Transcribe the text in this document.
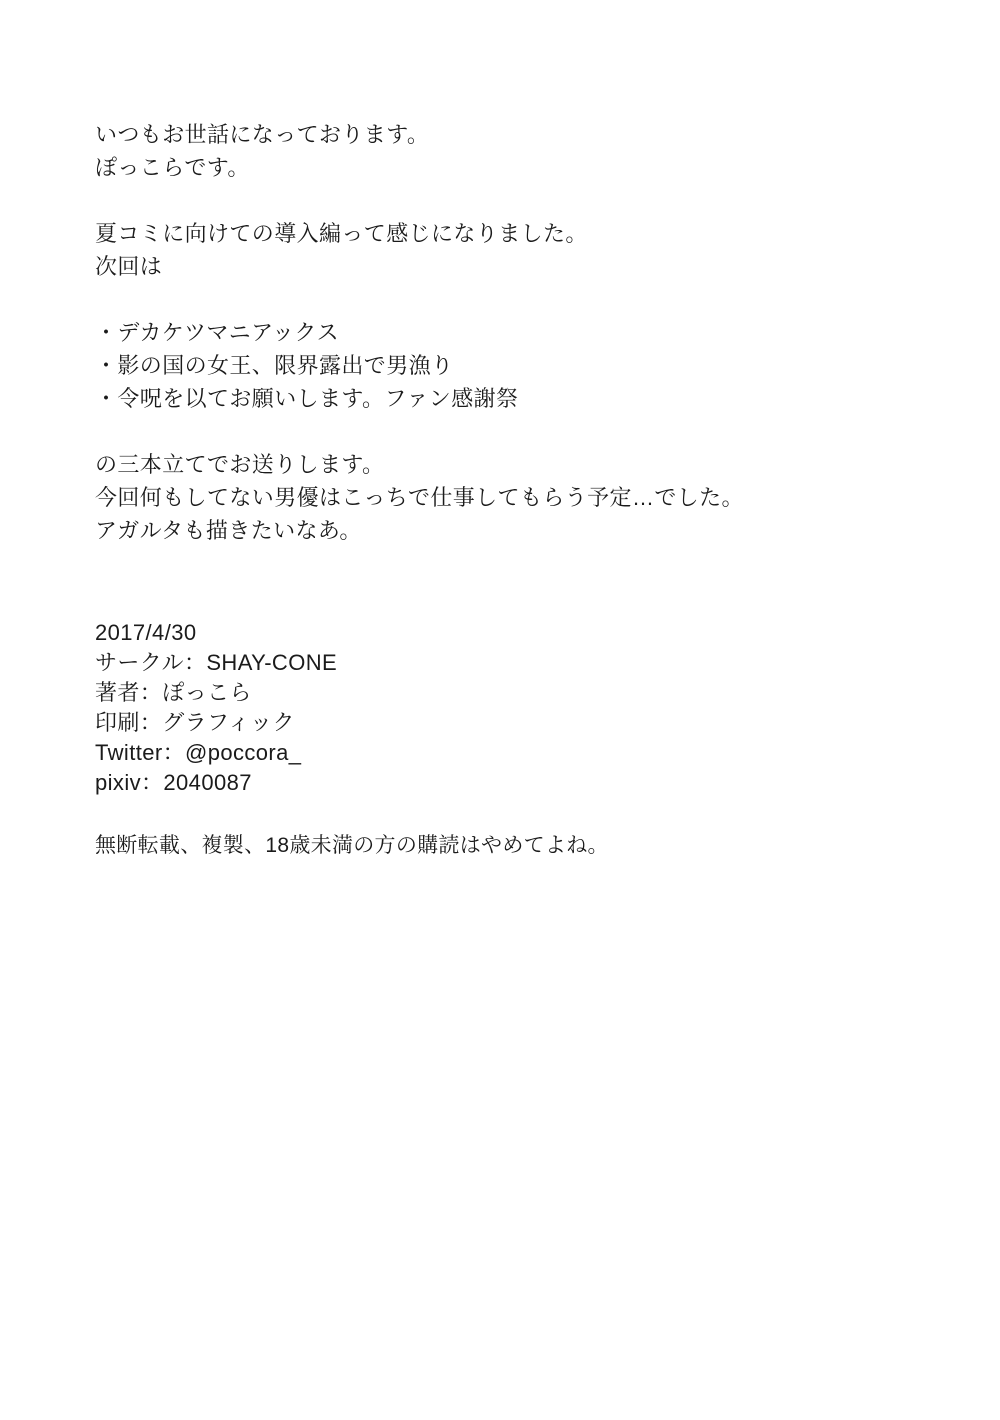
いつもお世話になっております。
ぽっこらです。
夏コミに向けての導入編って感じになりました。
次回は
・デカケツマニアックス
・影の国の女王、限界露出で男漁り
・令呪を以てお願いします。ファン感謝祭
の三本立てでお送りします。
今回何もしてない男優はこっちで仕事してもらう予定…でした。
アガルタも描きたいなあ。
2017/4/30
サークル：SHAY-CONE
著者：ぽっこら
印刷：グラフィック
Twitter：@poccora_
pixiv：2040087
無断転載、複製、18歳未満の方の購読はやめてよね。
